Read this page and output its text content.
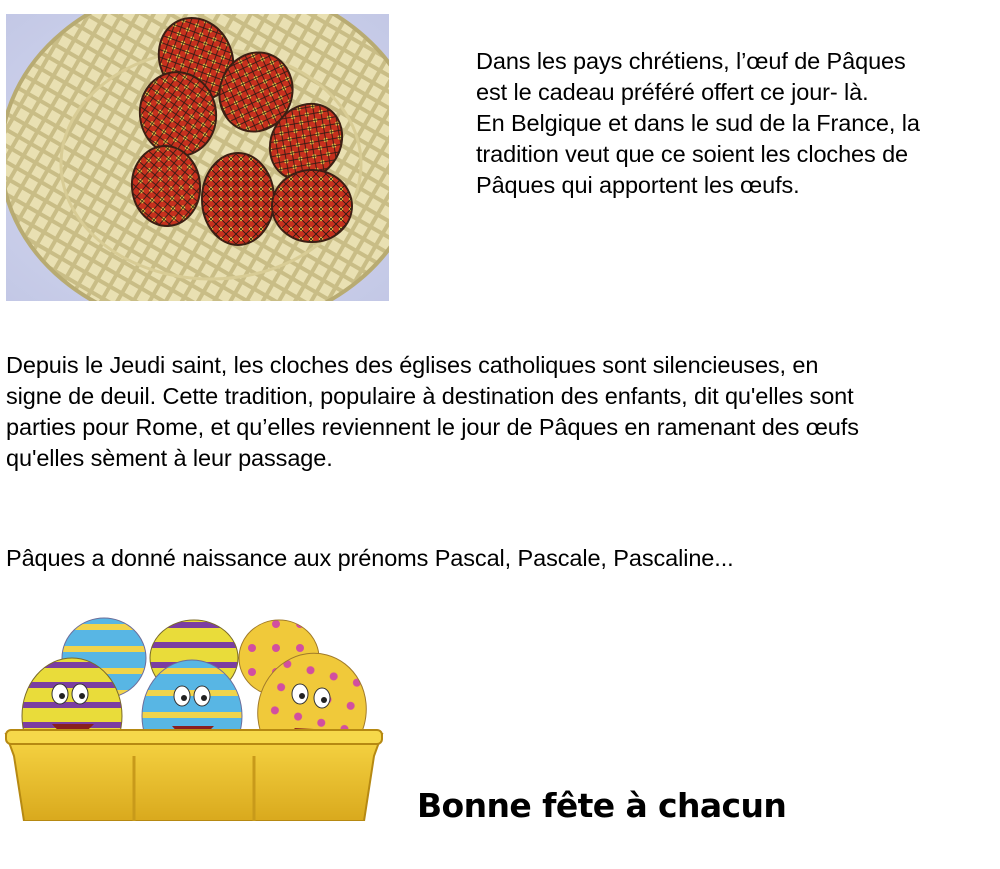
Dans les pays chrétiens, l’œuf de Pâques
est le cadeau préféré offert ce jour- là.
En Belgique et dans le sud de la France, la
tradition veut que ce soient les cloches de
Pâques qui apportent les œufs.

Depuis le Jeudi saint, les cloches des églises catholiques sont silencieuses, en
signe de deuil. Cette tradition, populaire à destination des enfants, dit qu'elles sont
parties pour Rome, et qu’elles reviennent le jour de Pâques en ramenant des œufs
qu'elles sèment à leur passage.

Pâques a donné naissance aux prénoms Pascal, Pascale, Pascaline...

Bonne fête à chacun
